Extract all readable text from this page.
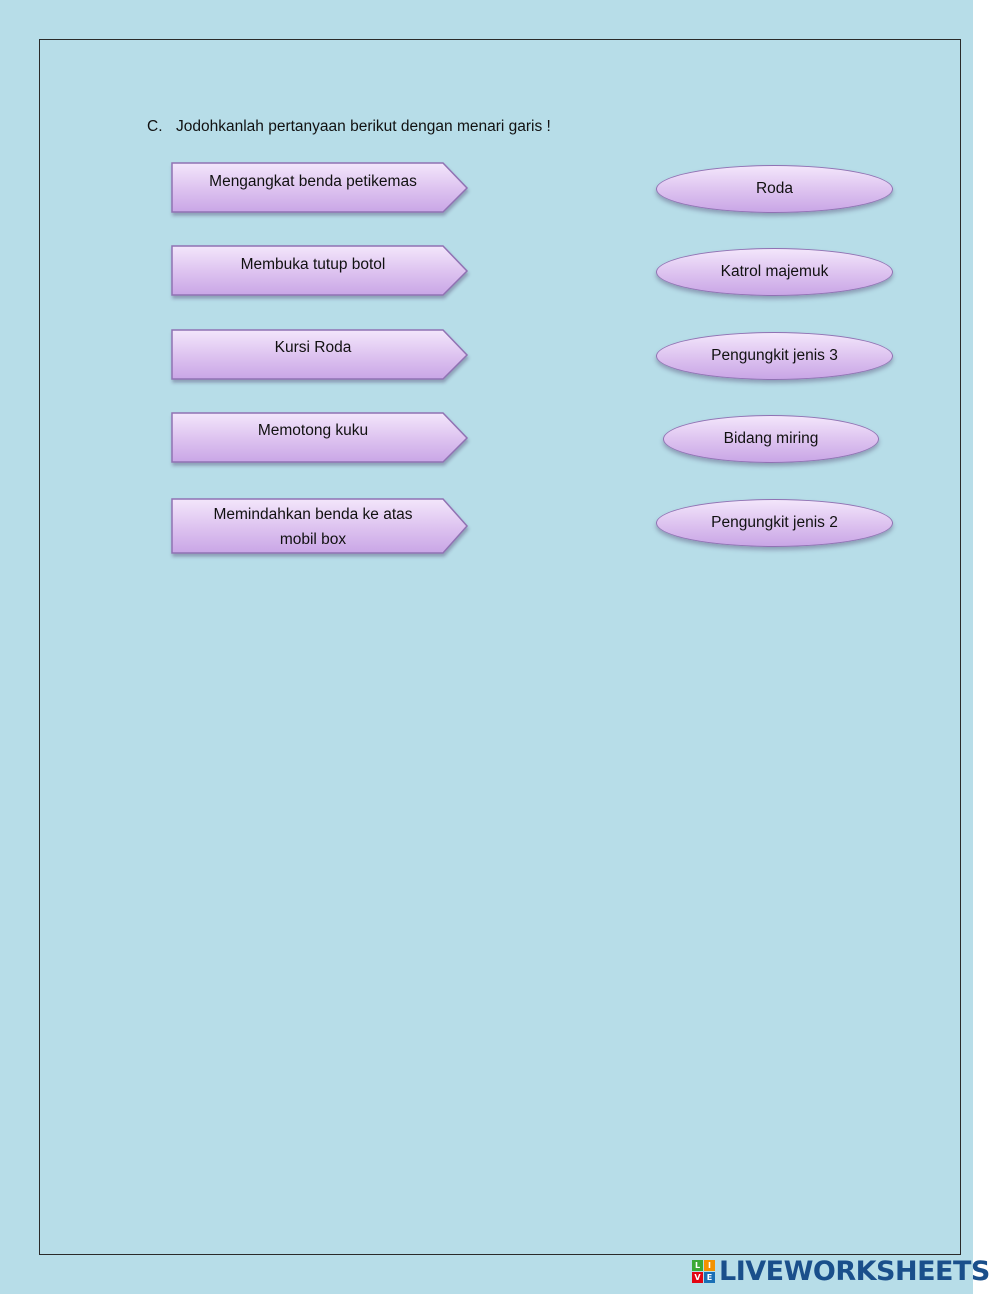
C. Jodohkanlah pertanyaan berikut dengan menari garis !
Mengangkat benda petikemas
Membuka tutup botol
Kursi Roda
Memotong kuku
Memindahkan benda ke atas
mobil box
Roda
Katrol majemuk
Pengungkit jenis 3
Bidang miring
Pengungkit jenis 2
L I
V E LIVEWORKSHEETS
